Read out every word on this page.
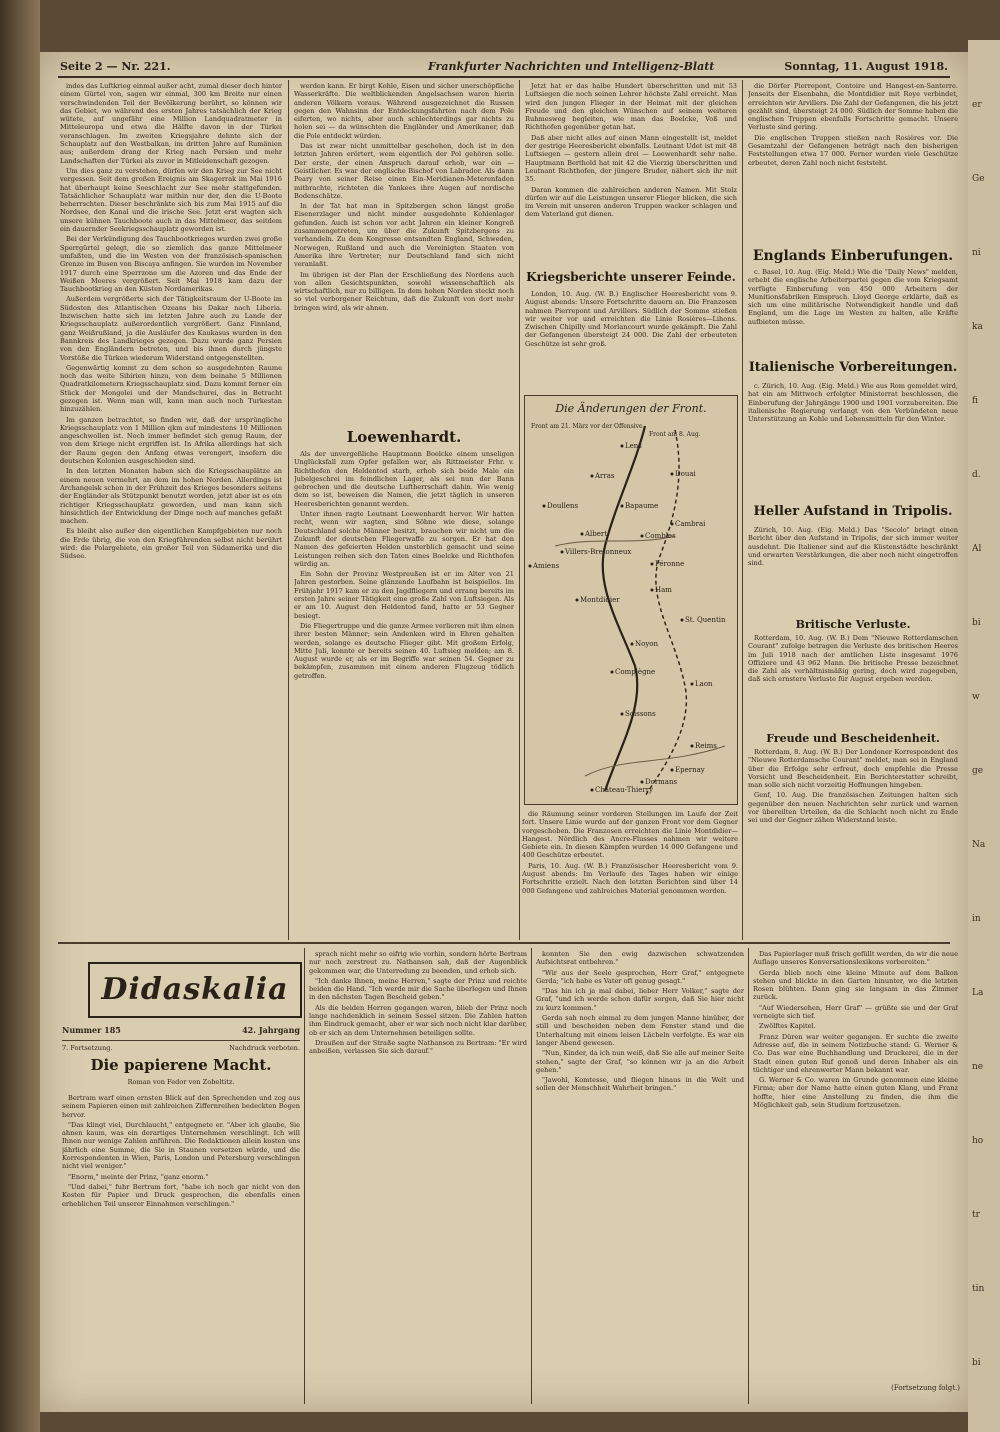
er
Ge
ni
ka
fi
d.
Al
bi
w
ge
Na
in
La
ne
ho
tr
tin
bi
Seite 2 — Nr. 221.	Frankfurter Nachrichten und Intelligenz-Blatt	Sonntag, 11. August 1918.

indes das Luftkrieg einmal außer acht, zumal dieser doch hinter einem Gürtel von, sagen wir einmal, 300 km Breite nur einen verschwindenden Teil der Bevölkerung berührt, so können wir das Gebiet, wo während des ersten Jahres tatsächlich der Krieg wütete, auf ungefähr eine Million Landquadratmeter in Mitteleuropa und etwa die Hälfte davon in der Türkei veranschlagen. Im zweiten Kriegsjahre dehnte sich der Schauplatz auf den Westbalkan, im dritten Jahre auf Rumänien aus; außerdem drang der Krieg nach Persien und mehr Landschaften der Türkei als zuvor in Mitleidenschaft gezogen.

Um dies ganz zu verstehen, dürfen wir den Krieg zur See nicht vergessen. Seit dem großen Ereignis am Skagerrak im Mai 1916 hat überhaupt keine Seeschlacht zur See mehr stattgefunden. Tatsächlicher Schauplatz war mithin nur der, den die U-Boote beherrschten. Dieser beschränkte sich bis zum Mai 1915 auf die Nordsee, den Kanal und die irische See. Jetzt erst wagten sich unsere kühnen Tauchboote auch in das Mittelmeer, das seitdem ein dauernder Seekriegsschauplatz geworden ist.

Bei der Verkündigung des Tauchbootkrieges wurden zwei große Sperrgürtel gelegt, die so ziemlich das ganze Mittelmeer umfaßten, und die im Westen von der französisch-spanischen Grenze im Busen von Biscaya anfingen. Sie wurden im November 1917 durch eine Sperrzone um die Azoren und das Ende der Weißen Meeres vergrößert. Seit Mai 1918 kam dazu der Tauchbootkrieg an den Küsten Nordamerikas.

Außerdem vergrößerte sich der Tätigkeitsraum der U-Boote im Südosten des Atlantischen Ozeans bis Dakar nach Liberia. Inzwischen hatte sich im letzten Jahre auch zu Lande der Kriegsschauplatz außerordentlich vergrößert. Ganz Finnland, ganz Weißrußland, ja die Ausläufer des Kaukasus wurden in den Bannkreis des Landkrieges gezogen. Dazu wurde ganz Persien von den Engländern betreten, und bis ihnen durch jüngste Vorstöße die Türken wiederum Widerstand entgegenstellten.

Gegenwärtig kommt zu dem schon so ausgedehnten Raume noch das weite Sibirien hinzu, von dem beinahe 5 Millionen Quadratkilometern Kriegsschauplatz sind. Dazu kommt ferner ein Stück der Mongolei und der Mandschurei, das in Betracht gezogen ist. Wenn man will, kann man auch noch Turkestan hinzuzählen.

Im ganzen betrachtet, so finden wir, daß der ursprüngliche Kriegsschauplatz von 1 Million qkm auf mindestens 10 Millionen angeschwollen ist. Noch immer befindet sich genug Raum, der von dem Kriege nicht ergriffen ist. In Afrika allerdings hat sich der Raum gegen den Anfang etwas verengert, insofern die deutschen Kolonien ausgeschieden sind.

In den letzten Monaten haben sich die Kriegsschauplätze an einem neuen vermehrt, an dem im hohen Norden. Allerdings ist Archangelsk schon in der Frühzeit des Krieges besonders seitens der Engländer als Stützpunkt benutzt worden, jetzt aber ist es ein richtiger Kriegsschauplatz geworden, und man kann sich hinsichtlich der Entwicklung der Dinge noch auf manches gefaßt machen.

Es bleibt also außer den eigentlichen Kampfgebieten nur noch die Erde übrig, die von den Kriegführenden selbst nicht berührt wird: die Polargebiete, ein großer Teil von Südamerika und die Südsee.

werden kann. Er birgt Kohle, Eisen und sicher unerschöpfliche Wasserkräfte. Die weltblickenden Angelsachsen waren hierin anderen Völkern voraus. Während ausgezeichnet die Russen gegen den Wahnsinn der Entdeckungsfahrten nach dem Pole eiferten, wo nichts, aber auch schlechterdings gar nichts zu holen sei — da wünschten die Engländer und Amerikaner, daß die Pole entdeckt würden.

Das ist zwar nicht unmittelbar geschehen, doch ist in den letzten Jahren erörtert, wem eigentlich der Pol gehören solle. Der erste, der einen Anspruch darauf erhob, war ein — Geistlicher. Es war der englische Bischof von Labrador. Als dann Peary von seiner Reise einen Ein-Meridianen-Meterenfaden mitbrachte, richteten die Yankees ihre Augen auf nordische Bodenschätze.

In der Tat hat man in Spitzbergen schon längst große Eisenerzlager und nicht minder ausgedehnte Kohlenlager gefunden. Auch ist schon vor acht Jahren ein kleiner Kongreß zusammengetreten, um über die Zukunft Spitzbergens zu verhandeln. Zu dem Kongresse entsandten England, Schweden, Norwegen, Rußland und auch die Vereinigten Staaten von Amerika ihre Vertreter; nur Deutschland fand sich nicht veranlaßt.

Im übrigen ist der Plan der Erschließung des Nordens auch von allen Gesichtspunkten, sowohl wissenschaftlich als wirtschaftlich, nur zu billigen. In dem hohen Norden steckt noch so viel verborgener Reichtum, daß die Zukunft von dort mehr bringen wird, als wir ahnen.

Loewenhardt.

Als der unvergeßliche Hauptmann Boelcke einem unseligen Unglücksfall zum Opfer gefallen war, als Rittmeister Frhr. v. Richthofen den Heldentod starb, erhob sich beide Male ein Jubelgeschrei im feindlichen Lager, als sei nun der Bann gebrochen und die deutsche Luftherrschaft dahin. Wie wenig dem so ist, beweisen die Namen, die jetzt täglich in unseren Heeresberichten genannt werden.

Unter ihnen ragte Leutnant Loewenhardt hervor. Wir hatten recht, wenn wir sagten, sind Söhne wie diese, solange Deutschland solche Männer besitzt, brauchen wir nicht um die Zukunft der deutschen Fliegerwaffe zu sorgen. Er hat den Namen des gefeierten Helden unsterblich gemacht und seine Leistungen reihen sich den Taten eines Boelcke und Richthofen würdig an.

Ein Sohn der Provinz Westpreußen ist er im Alter von 21 Jahren gestorben. Seine glänzende Laufbahn ist beispiellos. Im Frühjahr 1917 kam er zu den Jagdfliegern und errang bereits im ersten Jahre seiner Tätigkeit eine große Zahl von Luftsiegen. Als er am 10. August den Heldentod fand, hatte er 53 Gegner besiegt.

Die Fliegertruppe und die ganze Armee verlieren mit ihm einen ihrer besten Männer; sein Andenken wird in Ehren gehalten werden, solange es deutsche Flieger gibt. Mit großem Erfolg, Mitte Juli, konnte er bereits seinen 40. Luftsieg melden; am 8. August wurde er, als er im Begriffe war seinen 54. Gegner zu bekämpfen, zusammen mit einem anderen Flugzeug tödlich getroffen.

Jetzt hat er das halbe Hundert überschritten und mit 53 Luftsiegen die noch seinen Lehrer höchste Zahl erreicht. Man wird den jungen Flieger in der Heimat mit der gleichen Freude und den gleichen Wünschen auf seinem weiteren Ruhmesweg begleiten, wie man das Boelcke, Voß und Richthofen gegenüber getan hat.

Daß aber nicht alles auf einen Mann eingestellt ist, meldet der gestrige Heeresbericht ebenfalls. Leutnant Udet ist mit 48 Luftsiegen — gestern allein drei — Loewenhardt sehr nahe. Hauptmann Berthold hat mit 42 die Vierzig überschritten und Leutnant Richthofen, der jüngere Bruder, nähert sich ihr mit 35.

Daran kommen die zahlreichen anderen Namen. Mit Stolz dürfen wir auf die Leistungen unserer Flieger blicken, die sich im Verein mit unseren anderen Truppen wacker schlagen und dem Vaterland gut dienen.

Kriegsberichte unserer Feinde.

London, 10. Aug. (W. B.) Englischer Heeresbericht vom 9. August abends: Unsere Fortschritte dauern an. Die Franzosen nahmen Pierrepont und Arvillers. Südlich der Somme stießen wir weiter vor und erreichten die Linie Rosières—Lihons. Zwischen Chipilly und Morlancourt wurde gekämpft. Die Zahl der Gefangenen übersteigt 24 000. Die Zahl der erbeuteten Geschütze ist sehr groß.

Die Änderungen der Front.
Front am 21. März vor der Offensive
Front am 8. Aug.
Lens
Arras	Douai
Doullens	Bapaume
Cambrai
Albert	Combles
Amiens	Péronne
Villers-Bretonneux
Ham
Montdidier
St. Quentin
Noyon
Laon
Compiègne
Soissons
Reims
Château-Thierry
Epernay
Dormans

die Räumung seiner vorderen Stellungen im Laufe der Zeit fort. Unsere Linie wurde auf der ganzen Front vor dem Gegner vorgeschoben. Die Franzosen erreichten die Linie Montdidier—Hangest. Nördlich des Ancre-Flusses nahmen wir weitere Gebiete ein. In diesen Kämpfen wurden 14 000 Gefangene und 400 Geschütze erbeutet.

Paris, 10. Aug. (W. B.) Französischer Heeresbericht vom 9. August abends: Im Verlaufe des Tages haben wir einige Fortschritte erzielt. Nach den letzten Berichten sind über 14 000 Gefangene und zahlreiches Material genommen worden.

die Dörfer Pierrepont, Contoire und Hangest-en-Santerre. Jenseits der Eisenbahn, die Montdidier mit Roye verbindet, erreichten wir Arvillers. Die Zahl der Gefangenen, die bis jetzt gezählt sind, übersteigt 24 000. Südlich der Somme haben die englischen Truppen ebenfalls Fortschritte gemacht. Unsere Verluste sind gering.

Die englischen Truppen stießen nach Rosières vor. Die Gesamtzahl der Gefangenen beträgt nach den bisherigen Feststellungen etwa 17 000. Ferner wurden viele Geschütze erbeutet, deren Zahl noch nicht feststeht.

Englands Einberufungen.

c. Basel, 10. Aug. (Eig. Meld.) Wie die "Daily News" melden, erhebt die englische Arbeiterpartei gegen die vom Kriegsamt verfügte Einberufung von 450 000 Arbeitern der Munitionsfabriken Einspruch. Lloyd George erklärte, daß es sich um eine militärische Notwendigkeit handle und daß England, um die Lage im Westen zu halten, alle Kräfte aufbieten müsse.

Italienische Vorbereitungen.

c. Zürich, 10. Aug. (Eig. Meld.) Wie aus Rom gemeldet wird, hat ein am Mittwoch erfolgter Ministerrat beschlossen, die Einberufung der Jahrgänge 1900 und 1901 vorzubereiten. Die italienische Regierung verlangt von den Verbündeten neue Unterstützung an Kohle und Lebensmitteln für den Winter.

Heller Aufstand in Tripolis.

Zürich, 10. Aug. (Eig. Meld.) Das "Secolo" bringt einen Bericht über den Aufstand in Tripolis, der sich immer weiter ausdehnt. Die Italiener sind auf die Küstenstädte beschränkt und erwarten Verstärkungen, die aber noch nicht eingetroffen sind.

Britische Verluste.

Rotterdam, 10. Aug. (W. B.) Dem "Nieuwe Rotterdamschen Courant" zufolge betragen die Verluste des britischen Heeres im Juli 1918 nach der amtlichen Liste insgesamt 1976 Offiziere und 43 962 Mann. Die britische Presse bezeichnet die Zahl als verhältnismäßig gering, doch wird zugegeben, daß sich ernstere Verluste für August ergeben werden.

Freude und Bescheidenheit.

Rotterdam, 8. Aug. (W. B.) Der Londoner Korrespondent des "Nieuwe Rotterdamsche Courant" meldet, man sei in England über die Erfolge sehr erfreut, doch empfehle die Presse Vorsicht und Bescheidenheit. Ein Berichterstatter schreibt, man solle sich nicht vorzeitig Hoffnungen hingeben.

Genf, 10. Aug. Die französischen Zeitungen halten sich gegenüber den neuen Nachrichten sehr zurück und warnen vor übereilten Urteilen, da die Schlacht noch nicht zu Ende sei und der Gegner zähen Widerstand leiste.

Didaskalia
Nummer 185	42. Jahrgang
7. Fortsetzung.	Nachdruck verboten.
Die papierene Macht.
Roman von Fedor von Zobeltitz.

Bertram warf einen ernsten Blick auf den Sprechenden und zog aus seinem Papieren einen mit zahlreichen Ziffernreihen bedeckten Bogen hervor.

"Das klingt viel, Durchlaucht," entgegnete er. "Aber ich glaube, Sie ahnen kaum, was ein derartiges Unternehmen verschlingt. Ich will Ihnen nur wenige Zahlen anführen. Die Redaktionen allein kosten uns jährlich eine Summe, die Sie in Staunen versetzen würde, und die Korrespondenten in Wien, Paris, London und Petersburg verschlingen nicht viel weniger."

"Enorm," meinte der Prinz, "ganz enorm."

"Und dabei," fuhr Bertram fort, "habe ich noch gar nicht von den Kosten für Papier und Druck gesprochen, die ebenfalls einen erheblichen Teil unserer Einnahmen verschlingen."

sprach nicht mehr so eifrig wie vorhin, sondern hörte Bertram nur noch zerstreut zu. Nathanson sah, daß der Augenblick gekommen war, die Unterredung zu beenden, und erhob sich.

"Ich danke Ihnen, meine Herren," sagte der Prinz und reichte beiden die Hand. "Ich werde mir die Sache überlegen und Ihnen in den nächsten Tagen Bescheid geben."

Als die beiden Herren gegangen waren, blieb der Prinz noch lange nachdenklich in seinem Sessel sitzen. Die Zahlen hatten ihm Eindruck gemacht, aber er war sich noch nicht klar darüber, ob er sich an dem Unternehmen beteiligen sollte.

Draußen auf der Straße sagte Nathanson zu Bertram: "Er wird anbeißen, verlassen Sie sich darauf."

konnten Sie den ewig dazwischen schwatzenden Aufsichtsrat entbehren."

"Wir aus der Seele gesprochen, Herr Graf," entgegnete Gerda; "ich habe es Vater oft genug gesagt."

"Das hin ich ja mal dabei, lieber Herr Volker," sagte der Graf, "und ich werde schon dafür sorgen, daß Sie hier nicht zu kurz kommen."

Gerda sah noch einmal zu dem jungen Manne hinüber, der still und bescheiden neben dem Fenster stand und die Unterhaltung mit einem leisen Lächeln verfolgte. Es war ein langer Abend gewesen.

"Nun, Kinder, da ich nun weiß, daß Sie alle auf meiner Seite stehen," sagte der Graf, "so können wir ja an die Arbeit gehen."

"Jawohl, Komtesse, und fliegen hinaus in die Welt und sollen der Menschheit Wahrheit bringen."

Das Papierlager muß frisch gefüllt werden, da wir die neue Auflage unseres Konversationslexikons vorbereiten."

Gerda blieb noch eine kleine Minute auf dem Balkon stehen und blickte in den Garten hinunter, wo die letzten Rosen blühten. Dann ging sie langsam in das Zimmer zurück.

"Auf Wiedersehen, Herr Graf" — grüßte sie und der Graf verneigte sich tief.

Zwölftes Kapitel.

Franz Düren war weiter gegangen. Er suchte die zweite Adresse auf, die in seinem Notizbuche stand: G. Werner & Co. Das war eine Buchhandlung und Druckerei, die in der Stadt einen guten Ruf genoß und deren Inhaber als ein tüchtiger und ehrenwerter Mann bekannt war.

G. Werner & Co. waren im Grunde genommen eine kleine Firma; aber der Name hatte einen guten Klang, und Franz hoffte, hier eine Anstellung zu finden, die ihm die Möglichkeit gab, sein Studium fortzusetzen.

(Fortsetzung folgt.)
